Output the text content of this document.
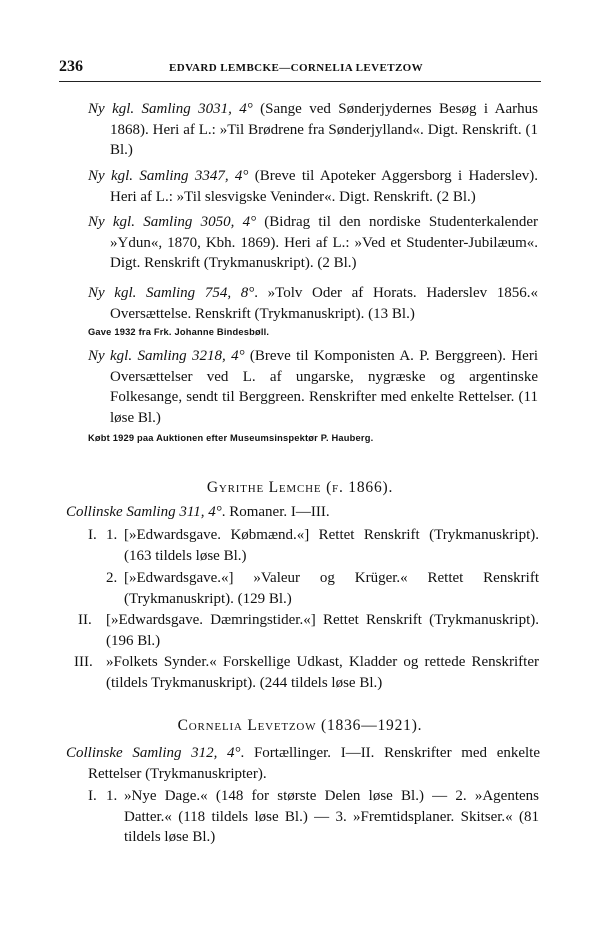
236	EDVARD LEMBCKE—CORNELIA LEVETZOW
Ny kgl. Samling 3031, 4° (Sange ved Sønderjydernes Besøg i Aarhus 1868). Heri af L.: »Til Brødrene fra Sønderjylland«. Digt. Renskrift. (1 Bl.)
Ny kgl. Samling 3347, 4° (Breve til Apoteker Aggersborg i Haderslev). Heri af L.: »Til slesvigske Veninder«. Digt. Renskrift. (2 Bl.)
Ny kgl. Samling 3050, 4° (Bidrag til den nordiske Studenterkalender »Ydun«, 1870, Kbh. 1869). Heri af L.: »Ved et Studenter-Jubilæum«. Digt. Renskrift (Trykmanuskript). (2 Bl.)
Ny kgl. Samling 754, 8°. »Tolv Oder af Horats. Haderslev 1856.« Oversættelse. Renskrift (Trykmanuskript). (13 Bl.)
Gave 1932 fra Frk. Johanne Bindesbøll.
Ny kgl. Samling 3218, 4° (Breve til Komponisten A. P. Berggreen). Heri Oversættelser ved L. af ungarske, nygræske og argentinske Folkesange, sendt til Berggreen. Renskrifter med enkelte Rettelser. (11 løse Bl.)
Købt 1929 paa Auktionen efter Museumsinspektør P. Hauberg.
Gyrithe Lemche (f. 1866).
Collinske Samling 311, 4°. Romaner. I—III.
I. 1. [»Edwardsgave. Købmænd.«] Rettet Renskrift (Trykmanuskript). (163 tildels løse Bl.)
2. [»Edwardsgave.«] »Valeur og Krüger.« Rettet Renskrift (Trykmanuskript). (129 Bl.)
II. [»Edwardsgave. Dæmringstider.«] Rettet Renskrift (Trykmanuskript). (196 Bl.)
III. »Folkets Synder.« Forskellige Udkast, Kladder og rettede Renskrifter (tildels Trykmanuskript). (244 tildels løse Bl.)
Cornelia Levetzow (1836—1921).
Collinske Samling 312, 4°. Fortællinger. I—II. Renskrifter med enkelte Rettelser (Trykmanuskripter).
I. 1. »Nye Dage.« (148 for største Delen løse Bl.) — 2. »Agentens Datter.« (118 tildels løse Bl.) — 3. »Fremtidsplaner. Skitser.« (81 tildels løse Bl.)
